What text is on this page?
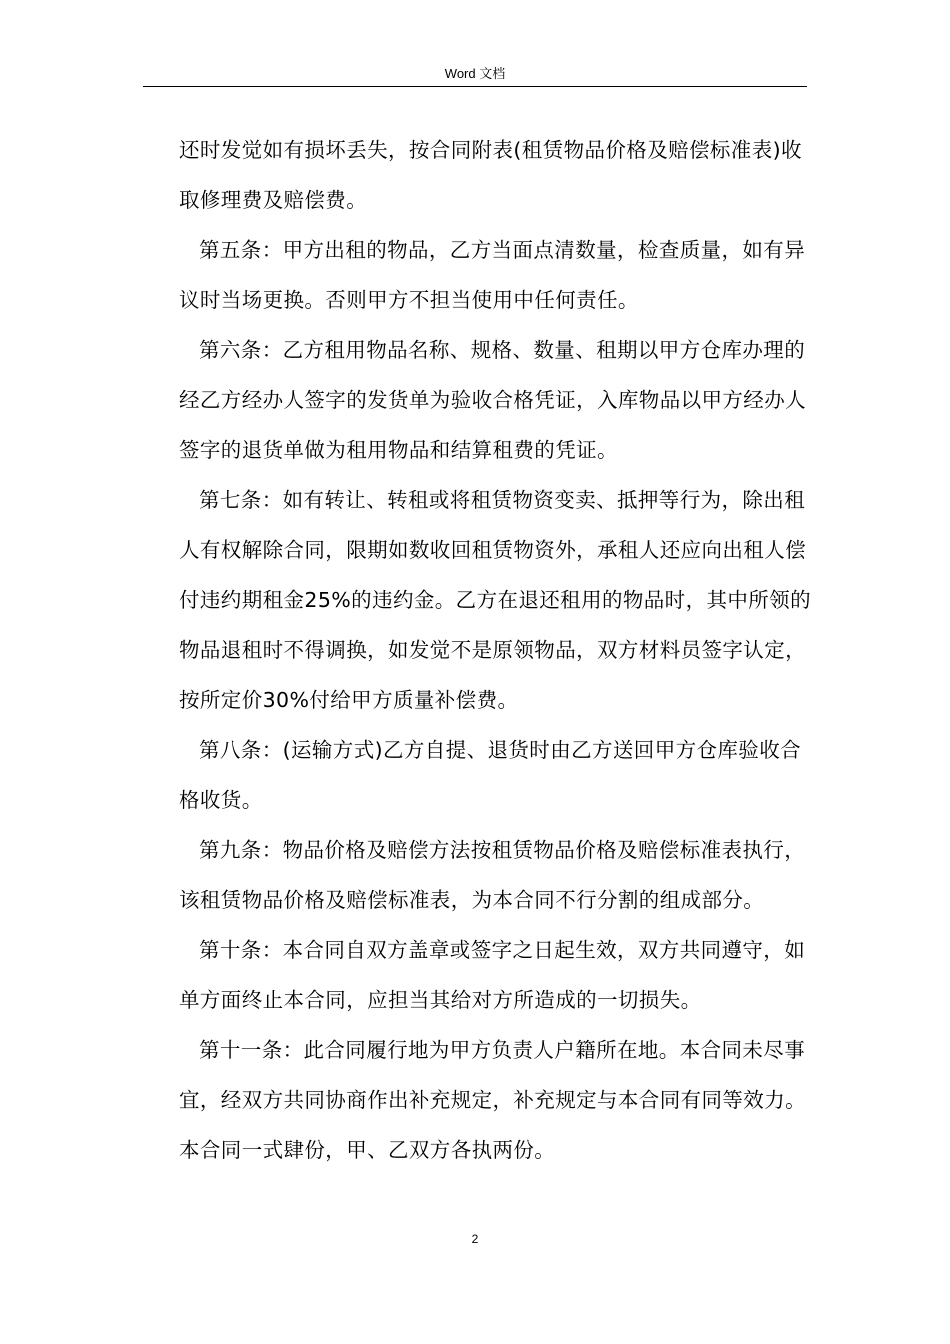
Word 文档

还时发觉如有损坏丢失，按合同附表(租赁物品价格及赔偿标准表)收取修理费及赔偿费。

第五条：甲方出租的物品，乙方当面点清数量，检查质量，如有异议时当场更换。否则甲方不担当使用中任何责任。

第六条：乙方租用物品名称、规格、数量、租期以甲方仓库办理的经乙方经办人签字的发货单为验收合格凭证，入库物品以甲方经办人签字的退货单做为租用物品和结算租费的凭证。

第七条：如有转让、转租或将租赁物资变卖、抵押等行为，除出租人有权解除合同，限期如数收回租赁物资外，承租人还应向出租人偿付违约期租金25%的违约金。乙方在退还租用的物品时，其中所领的物品退租时不得调换，如发觉不是原领物品，双方材料员签字认定，按所定价30%付给甲方质量补偿费。

第八条：(运输方式)乙方自提、退货时由乙方送回甲方仓库验收合格收货。

第九条：物品价格及赔偿方法按租赁物品价格及赔偿标准表执行，该租赁物品价格及赔偿标准表，为本合同不行分割的组成部分。

第十条：本合同自双方盖章或签字之日起生效，双方共同遵守，如单方面终止本合同，应担当其给对方所造成的一切损失。

第十一条：此合同履行地为甲方负责人户籍所在地。本合同未尽事宜，经双方共同协商作出补充规定，补充规定与本合同有同等效力。本合同一式肆份，甲、乙双方各执两份。

2
